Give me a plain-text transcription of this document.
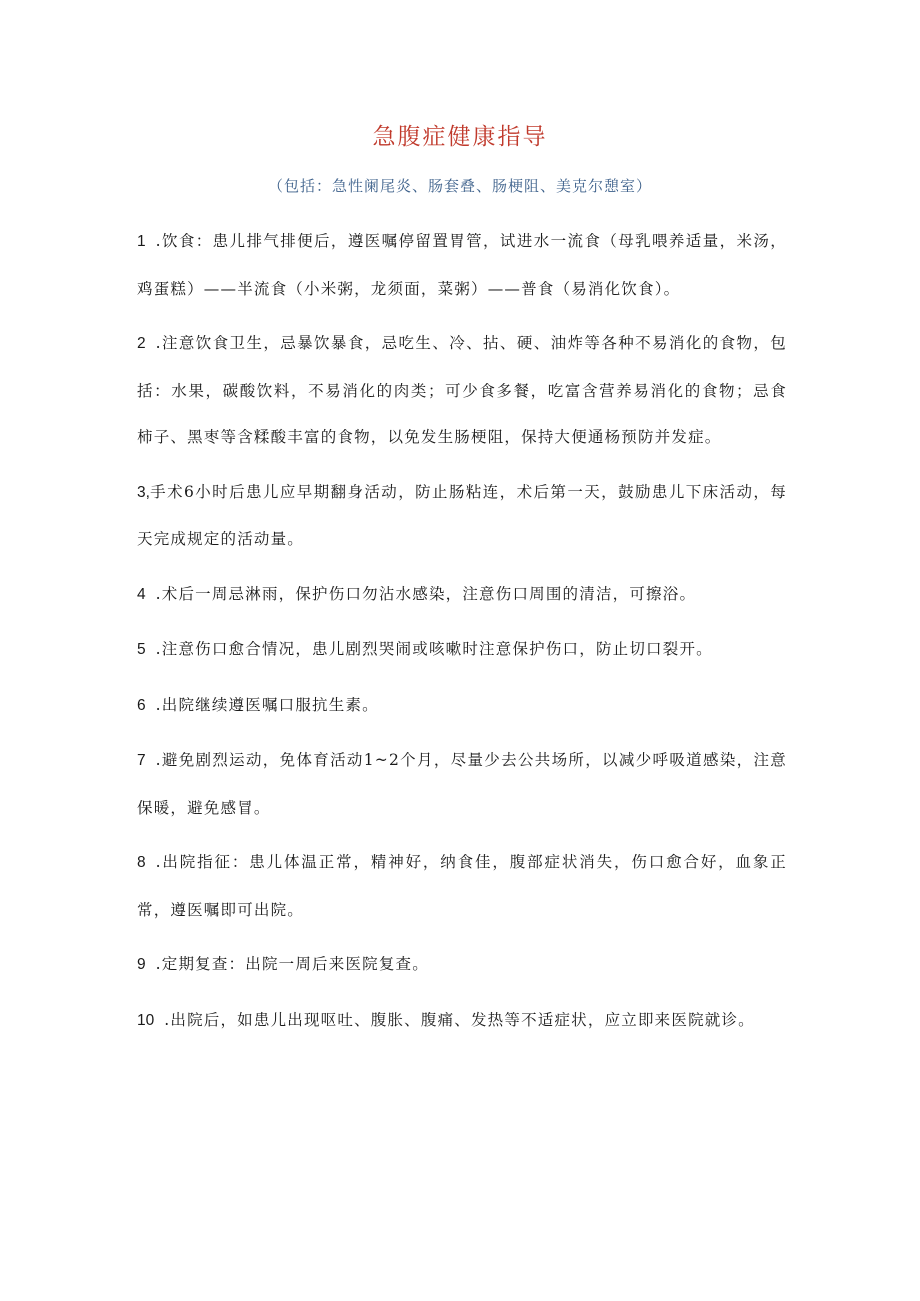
急腹症健康指导

（包括：急性阑尾炎、肠套叠、肠梗阻、美克尔憩室）

1 .饮食：患儿排气排便后，遵医嘱停留置胃管，试进水一流食（母乳喂养适量，米汤，鸡蛋糕）——半流食（小米粥，龙须面，菜粥）——普食（易消化饮食）。
2 .注意饮食卫生，忌暴饮暴食，忌吃生、冷、拈、硬、油炸等各种不易消化的食物，包括：水果，碳酸饮料，不易消化的肉类；可少食多餐，吃富含营养易消化的食物；忌食柿子、黑枣等含糅酸丰富的食物，以免发生肠梗阻，保持大便通杨预防并发症。
3,手术6小时后患儿应早期翻身活动，防止肠粘连，术后第一天，鼓励患儿下床活动，每天完成规定的活动量。
4 .术后一周忌淋雨，保护伤口勿沾水感染，注意伤口周围的清洁，可擦浴。
5 .注意伤口愈合情况，患儿剧烈哭闹或咳嗽时注意保护伤口，防止切口裂开。
6 .出院继续遵医嘱口服抗生素。
7 .避免剧烈运动，免体育活动1~2个月，尽量少去公共场所，以减少呼吸道感染，注意保暖，避免感冒。
8 .出院指征：患儿体温正常，精神好，纳食佳，腹部症状消失，伤口愈合好，血象正常，遵医嘱即可出院。
9 .定期复查：出院一周后来医院复查。
10 .出院后，如患儿出现呕吐、腹胀、腹痛、发热等不适症状，应立即来医院就诊。
